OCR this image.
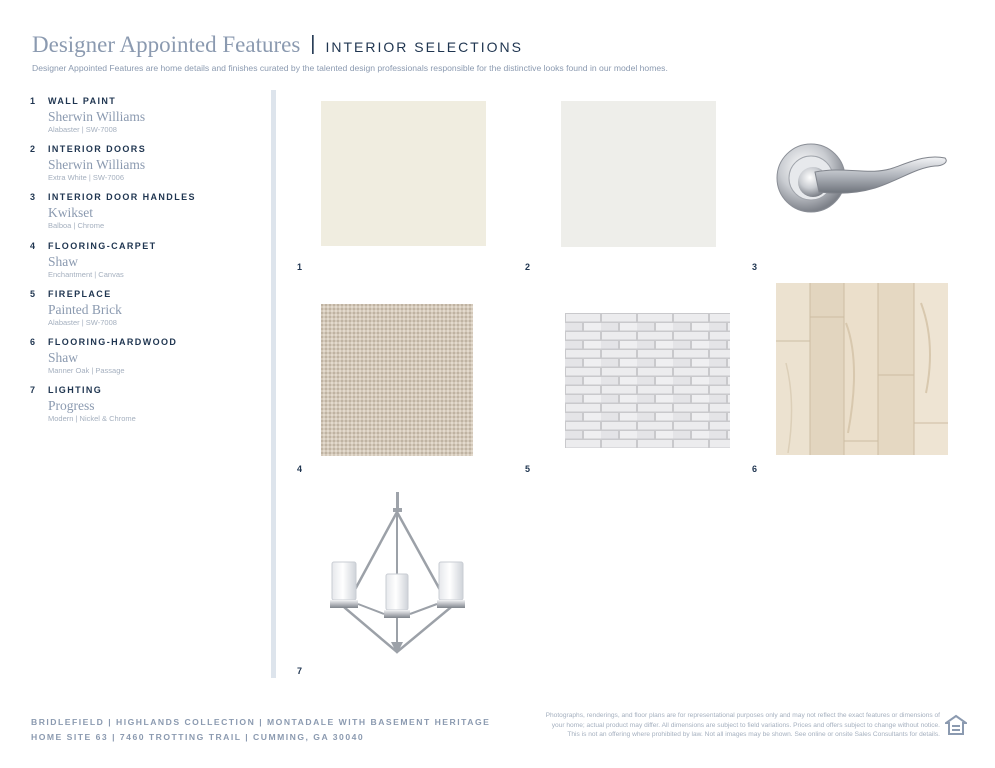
Designer Appointed Features | INTERIOR SELECTIONS
Designer Appointed Features are home details and finishes curated by the talented design professionals responsible for the distinctive looks found in our model homes.
1	WALL PAINT
Sherwin Williams
Alabaster | SW-7008
2	INTERIOR DOORS
Sherwin Williams
Extra White | SW-7006
3	INTERIOR DOOR HANDLES
Kwikset
Balboa | Chrome
4	FLOORING-CARPET
Shaw
Enchantment | Canvas
5	FIREPLACE
Painted Brick
Alabaster | SW-7008
6	FLOORING-HARDWOOD
Shaw
Manner Oak | Passage
7	LIGHTING
Progress
Modern | Nickel & Chrome
1	2	3
4	5	6
7
BRIDLEFIELD | HIGHLANDS COLLECTION | MONTADALE WITH BASEMENT HERITAGE
HOME SITE 63 | 7460 TROTTING TRAIL | CUMMING, GA 30040
Photographs, renderings, and floor plans are for representational purposes only and may not reflect the exact features or dimensions of
your home; actual product may differ. All dimensions are subject to field variations. Prices and offers subject to change without notice.
This is not an offering where prohibited by law. Not all images may be shown. See online or onsite Sales Consultants for details.
